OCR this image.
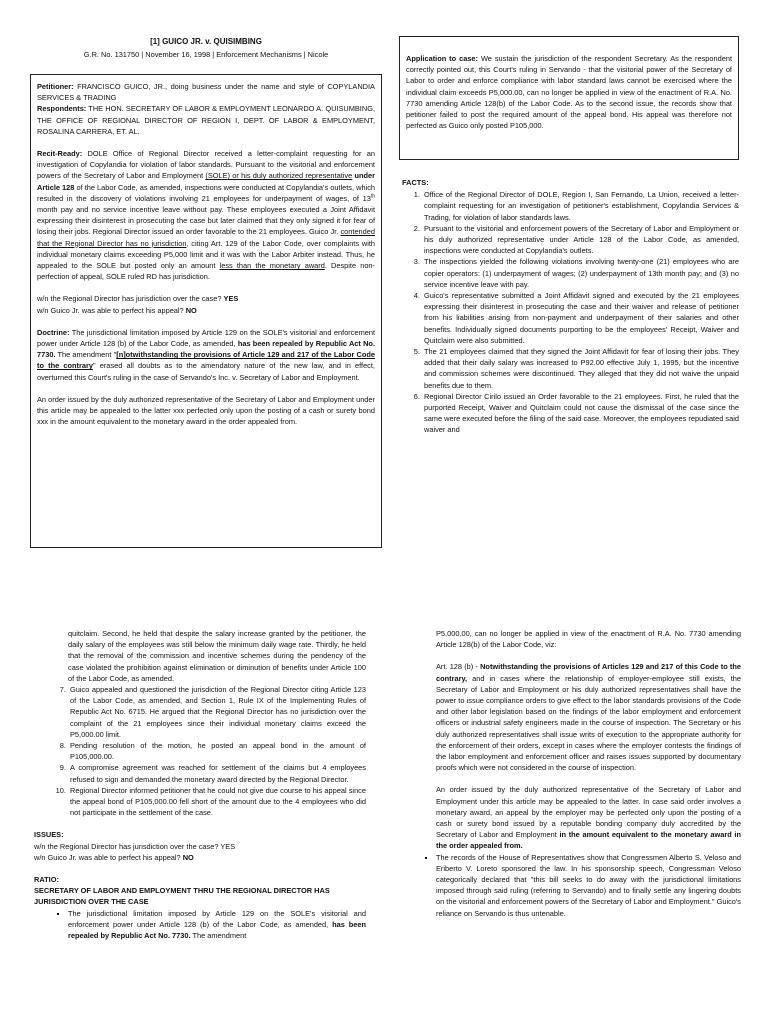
[1] GUICO JR. v. QUISIMBING
G.R. No. 131750 | November 16, 1998 | Enforcement Mechanisms | Nicole

Petitioner: FRANCISCO GUICO, JR., doing business under the name and style of COPYLANDIA SERVICES & TRADING

Respondents: THE HON. SECRETARY OF LABOR & EMPLOYMENT LEONARDO A. QUISUMBING, THE OFFICE OF REGIONAL DIRECTOR OF REGION I, DEPT. OF LABOR & EMPLOYMENT, ROSALINA CARRERA, ET. AL.

Recit-Ready: DOLE Office of Regional Director received a letter-complaint requesting for an investigation of Copylandia for violation of labor standards. Pursuant to the visitorial and enforcement powers of the Secretary of Labor and Employment (SOLE) or his duly authorized representative under Article 128 of the Labor Code, as amended, inspections were conducted at Copylandia's outlets, which resulted in the discovery of violations involving 21 employees for underpayment of wages, of 13th month pay and no service incentive leave without pay. These employees executed a Joint Affidavit expressing their disinterest in prosecuting the case but later claimed that they only signed it for fear of losing their jobs. Regional Director issued an order favorable to the 21 employees. Guico Jr. contended that the Regional Director has no jurisdiction, citing Art. 129 of the Labor Code, over complaints with individual monetary claims exceeding P5,000 limit and it was with the Labor Arbiter instead. Thus, he appealed to the SOLE but posted only an amount less than the monetary award. Despite non-perfection of appeal, SOLE ruled RD has jurisdiction.

w/n the Regional Director has jurisdiction over the case? YES

w/n Guico Jr. was able to perfect his appeal? NO

Doctrine: The jurisdictional limitation imposed by Article 129 on the SOLE's visitorial and enforcement power under Article 128 (b) of the Labor Code, as amended, has been repealed by Republic Act No. 7730. The amendment "[n]otwithstanding the provisions of Article 129 and 217 of the Labor Code to the contrary" erased all doubts as to the amendatory nature of the new law, and in effect, overturned this Court's ruling in the case of Servando's Inc. v. Secretary of Labor and Employment.

An order issued by the duly authorized representative of the Secretary of Labor and Employment under this article may be appealed to the latter xxx perfected only upon the posting of a cash or surety bond xxx in the amount equivalent to the monetary award in the order appealed from.

Application to case: We sustain the jurisdiction of the respondent Secretary. As the respondent correctly pointed out, this Court's ruling in Servando - that the visitorial power of the Secretary of Labor to order and enforce compliance with labor standard laws cannot be exercised where the individual claim exceeds P5,000.00, can no longer be applied in view of the enactment of R.A. No. 7730 amending Article 128(b) of the Labor Code. As to the second issue, the records show that petitioner failed to post the required amount of the appeal bond. His appeal was therefore not perfected as Guico only posted P105,000.

FACTS:

1. Office of the Regional Director of DOLE, Region I, San Fernando, La Union, received a letter-complaint requesting for an investigation of petitioner's establishment, Copylandia Services & Trading, for violation of labor standards laws.
2. Pursuant to the visitorial and enforcement powers of the Secretary of Labor and Employment or his duly authorized representative under Article 128 of the Labor Code, as amended, inspections were conducted at Copylandia's outlets.
3. The inspections yielded the following violations involving twenty-one (21) employees who are copier operators: (1) underpayment of wages; (2) underpayment of 13th month pay; and (3) no service incentive leave with pay.
4. Guico's representative submitted a Joint Affidavit signed and executed by the 21 employees expressing their disinterest in prosecuting the case and their waiver and release of petitioner from his liabilities arising from non-payment and underpayment of their salaries and other benefits. Individually signed documents purporting to be the employees' Receipt, Waiver and Quitclaim were also submitted.
5. The 21 employees claimed that they signed the Joint Affidavit for fear of losing their jobs. They added that their daily salary was increased to P92.00 effective July 1, 1995, but the incentive and commission schemes were discontinued. They alleged that they did not waive the unpaid benefits due to them.
6. Regional Director Cirilo issued an Order favorable to the 21 employees. First, he ruled that the purported Receipt, Waiver and Quitclaim could not cause the dismissal of the case since the same were executed before the filing of the said case. Moreover, the employees repudiated said waiver and

quitclaim. Second, he held that despite the salary increase granted by the petitioner, the daily salary of the employees was still below the minimum daily wage rate. Thirdly, he held that the removal of the commission and incentive schemes during the pendency of the case violated the prohibition against elimination or diminution of benefits under Article 100 of the Labor Code, as amended.

7. Guico appealed and questioned the jurisdiction of the Regional Director citing Article 123 of the Labor Code, as amended, and Section 1, Rule IX of the Implementing Rules of Republic Act No. 6715. He argued that the Regional Director has no jurisdiction over the complaint of the 21 employees since their individual monetary claims exceed the P5,000.00 limit.
8. Pending resolution of the motion, he posted an appeal bond in the amount of P105,000.00.
9. A compromise agreement was reached for settlement of the claims but 4 employees refused to sign and demanded the monetary award directed by the Regional Director.
10. Regional Director informed petitioner that he could not give due course to his appeal since the appeal bond of P105,000.00 fell short of the amount due to the 4 employees who did not participate in the settlement of the case.

ISSUES:

w/n the Regional Director has jurisdiction over the case? YES

w/n Guico Jr. was able to perfect his appeal? NO

RATIO:

SECRETARY OF LABOR AND EMPLOYMENT THRU THE REGIONAL DIRECTOR HAS JURISDICTION OVER THE CASE

▪ The jurisdictional limitation imposed by Article 129 on the SOLE's visitorial and enforcement power under Article 128 (b) of the Labor Code, as amended, has been repealed by Republic Act No. 7730. The amendment

P5,000.00, can no longer be applied in view of the enactment of R.A. No. 7730 amending Article 128(b) of the Labor Code, viz:

Art. 128 (b) - Notwithstanding the provisions of Articles 129 and 217 of this Code to the contrary, and in cases where the relationship of employer-employee still exists, the Secretary of Labor and Employment or his duly authorized representatives shall have the power to issue compliance orders to give effect to the labor standards provisions of the Code and other labor legislation based on the findings of the labor employment and enforcement officers or industrial safety engineers made in the course of inspection. The Secretary or his duly authorized representatives shall issue writs of execution to the appropriate authority for the enforcement of their orders, except in cases where the employer contests the findings of the labor employment and enforcement officer and raises issues supported by documentary proofs which were not considered in the course of inspection.

An order issued by the duly authorized representative of the Secretary of Labor and Employment under this article may be appealed to the latter. In case said order involves a monetary award, an appeal by the employer may be perfected only upon the posting of a cash or surety bond issued by a reputable bonding company duly accredited by the Secretary of Labor and Employment in the amount equivalent to the monetary award in the order appealed from.

▪ The records of the House of Representatives show that Congressmen Alberto S. Veloso and Eriberto V. Loreto sponsored the law. In his sponsorship speech, Congressman Veloso categorically declared that "this bill seeks to do away with the jurisdictional limitations imposed through said ruling (referring to Servando) and to finally settle any lingering doubts on the visitorial and enforcement powers of the Secretary of Labor and Employment." Guico's reliance on Servando is thus untenable.
